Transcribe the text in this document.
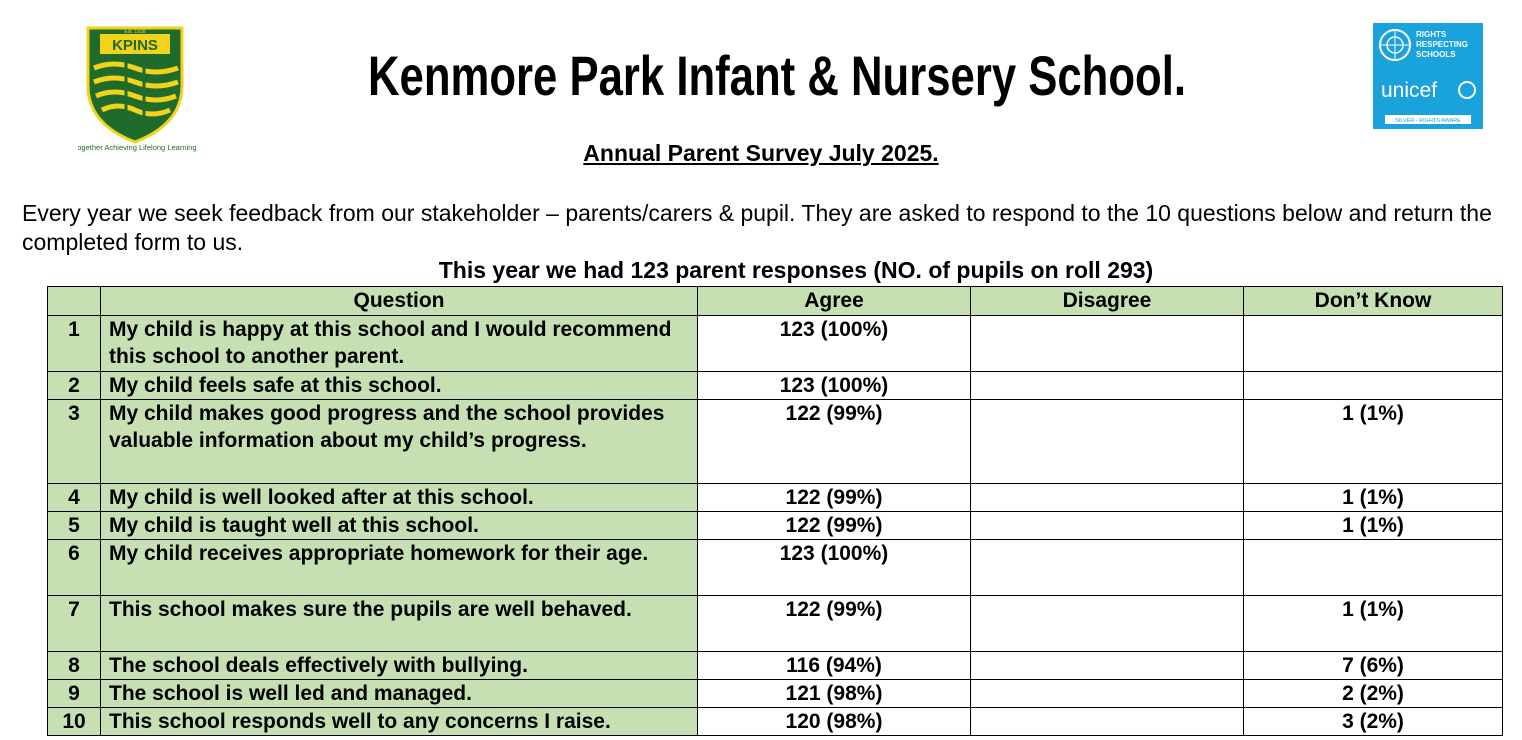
KPINS
Est. 1938
Together Achieving Lifelong Learning
Kenmore Park Infant & Nursery School.
RIGHTS
RESPECTING
SCHOOLS
unicef
SILVER - RIGHTS AWARE
Annual Parent Survey July 2025.
Every year we seek feedback from our stakeholder – parents/carers & pupil. They are asked to respond to the 10 questions below and return the completed form to us.
This year we had 123 parent responses (NO. of pupils on roll 293)
	Question	Agree	Disagree	Don’t Know
1	My child is happy at this school and I would recommend this school to another parent.	123 (100%)		
2	My child feels safe at this school.	123 (100%)		
3	My child makes good progress and the school provides valuable information about my child’s progress.	122 (99%)		1 (1%)
4	My child is well looked after at this school.	122 (99%)		1 (1%)
5	My child is taught well at this school.	122 (99%)		1 (1%)
6	My child receives appropriate homework for their age.	123 (100%)		
7	This school makes sure the pupils are well behaved.	122 (99%)		1 (1%)
8	The school deals effectively with bullying.	116 (94%)		7 (6%)
9	The school is well led and managed.	121 (98%)		2 (2%)
10	This school responds well to any concerns I raise.	120 (98%)		3 (2%)
